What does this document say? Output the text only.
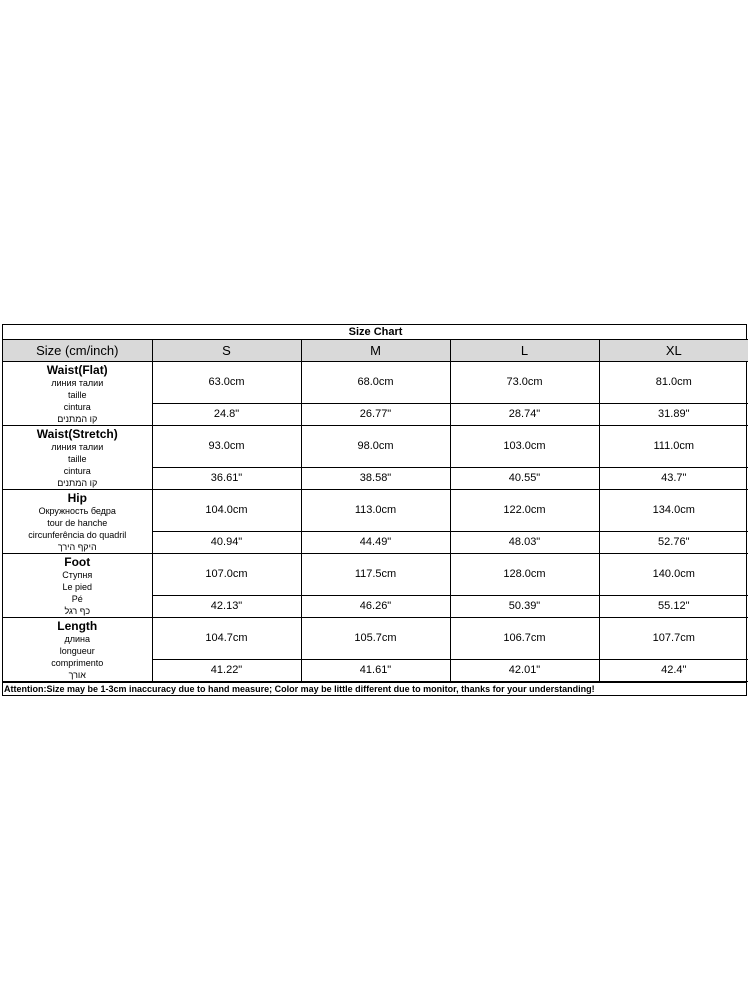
Size Chart				
Size (cm/inch)	S	M	L	XL

Waist(Flat)
линия талии
taille
cintura
קו המתנים	63.0cm	68.0cm	73.0cm	81.0cm
	24.8"	26.77"	28.74"	31.89"

Waist(Stretch)
линия талии
taille
cintura
קו המתנים	93.0cm	98.0cm	103.0cm	111.0cm
	36.61"	38.58"	40.55"	43.7"

Hip
Окружность бедра
tour de hanche
circunferência do quadril
היקף הירך	104.0cm	113.0cm	122.0cm	134.0cm
	40.94"	44.49"	48.03"	52.76"

Foot
Ступня
Le pied
Pé
כף רגל	107.0cm	117.5cm	128.0cm	140.0cm
	42.13"	46.26"	50.39"	55.12"

Length
длина
longueur
comprimento
אורך	104.7cm	105.7cm	106.7cm	107.7cm
	41.22"	41.61"	42.01"	42.4"
Attention:Size may be 1-3cm inaccuracy due to hand measure; Color may be little different due to monitor, thanks for your understanding!
